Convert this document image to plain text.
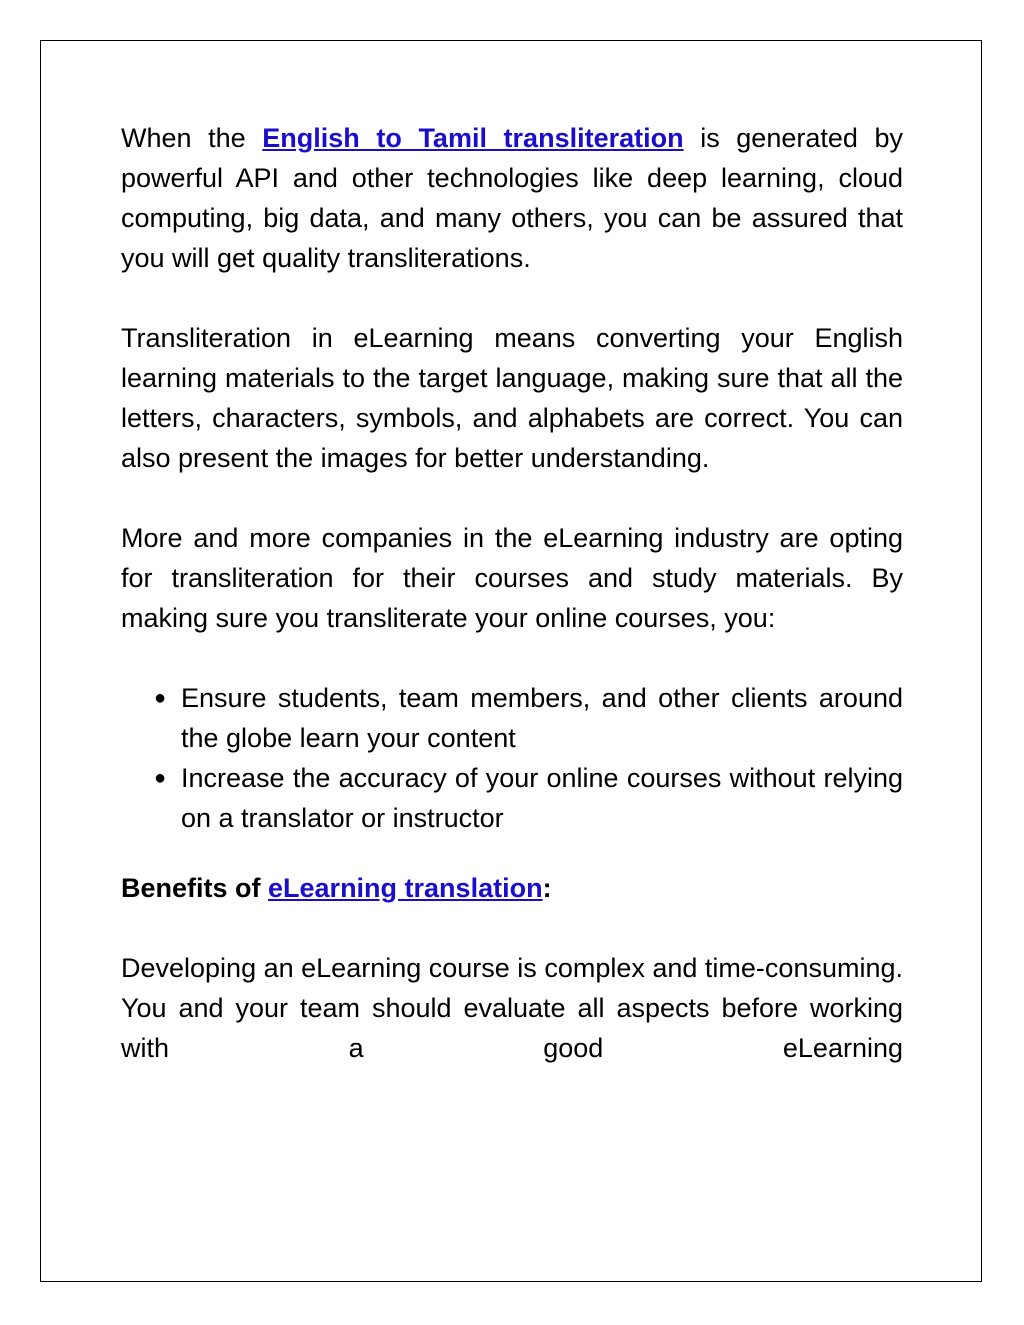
When the English to Tamil transliteration is generated by powerful API and other technologies like deep learning, cloud computing, big data, and many others, you can be assured that you will get quality transliterations.

Transliteration in eLearning means converting your English learning materials to the target language, making sure that all the letters, characters, symbols, and alphabets are correct. You can also present the images for better understanding.

More and more companies in the eLearning industry are opting for transliteration for their courses and study materials. By making sure you transliterate your online courses, you:

● Ensure students, team members, and other clients around the globe learn your content
● Increase the accuracy of your online courses without relying on a translator or instructor

Benefits of eLearning translation:

Developing an eLearning course is complex and time-consuming. You and your team should evaluate all aspects before working with a good eLearning
